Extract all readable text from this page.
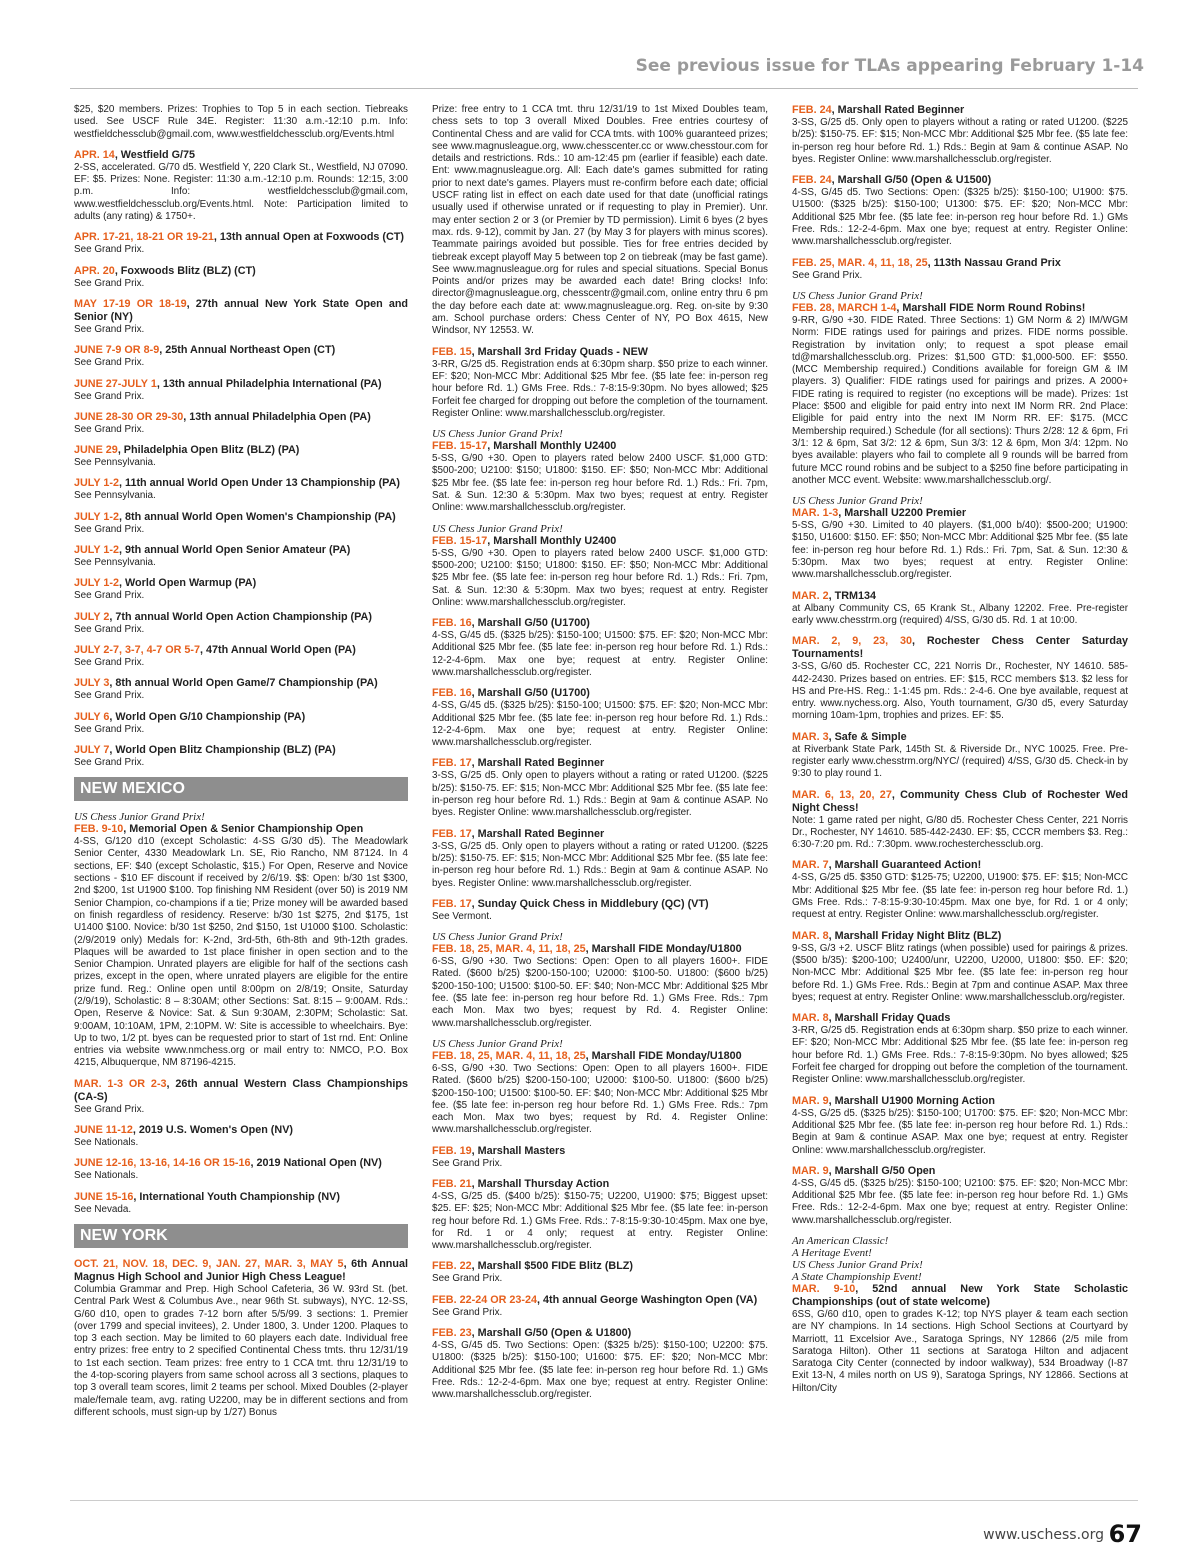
See previous issue for TLAs appearing February 1-14

$25, $20 members. Prizes: Trophies to Top 5 in each section. Tiebreaks used. See USCF Rule 34E. Register: 11:30 a.m.-12:10 p.m. Info: westfieldchessclub@gmail.com, www.westfieldchessclub.org/Events.html

APR. 14, Westfield G/75

2-SS, accelerated. G/70 d5. Westfield Y, 220 Clark St., Westfield, NJ 07090. EF: $5. Prizes: None. Register: 11:30 a.m.-12:10 p.m. Rounds: 12:15, 3:00 p.m. Info: westfieldchessclub@gmail.com, www.westfieldchessclub.org/Events.html. Note: Participation limited to adults (any rating) & 1750+.

APR. 17-21, 18-21 OR 19-21, 13th annual Open at Foxwoods (CT)

See Grand Prix.

APR. 20, Foxwoods Blitz (BLZ) (CT)

See Grand Prix.

MAY 17-19 OR 18-19, 27th annual New York State Open and Senior (NY)

See Grand Prix.

JUNE 7-9 OR 8-9, 25th Annual Northeast Open (CT)

See Grand Prix.

JUNE 27-JULY 1, 13th annual Philadelphia International (PA)

See Grand Prix.

JUNE 28-30 OR 29-30, 13th annual Philadelphia Open (PA)

See Grand Prix.

JUNE 29, Philadelphia Open Blitz (BLZ) (PA)

See Pennsylvania.

JULY 1-2, 11th annual World Open Under 13 Championship (PA)

See Pennsylvania.

JULY 1-2, 8th annual World Open Women's Championship (PA)

See Grand Prix.

JULY 1-2, 9th annual World Open Senior Amateur (PA)

See Pennsylvania.

JULY 1-2, World Open Warmup (PA)

See Grand Prix.

JULY 2, 7th annual World Open Action Championship (PA)

See Grand Prix.

JULY 2-7, 3-7, 4-7 OR 5-7, 47th Annual World Open (PA)

See Grand Prix.

JULY 3, 8th annual World Open Game/7 Championship (PA)

See Grand Prix.

JULY 6, World Open G/10 Championship (PA)

See Grand Prix.

JULY 7, World Open Blitz Championship (BLZ) (PA)

See Grand Prix.

NEW MEXICO

US Chess Junior Grand Prix!

FEB. 9-10, Memorial Open & Senior Championship Open

4-SS, G/120 d10 (except Scholastic: 4-SS G/30 d5). The Meadowlark Senior Center, 4330 Meadowlark Ln. SE, Rio Rancho, NM 87124. In 4 sections, EF: $40 (except Scholastic, $15.) For Open, Reserve and Novice sections - $10 EF discount if received by 2/6/19. $$: Open: b/30 1st $300, 2nd $200, 1st U1900 $100. Top finishing NM Resident (over 50) is 2019 NM Senior Champion, co-champions if a tie; Prize money will be awarded based on finish regardless of residency. Reserve: b/30 1st $275, 2nd $175, 1st U1400 $100. Novice: b/30 1st $250, 2nd $150, 1st U1000 $100. Scholastic: (2/9/2019 only) Medals for: K-2nd, 3rd-5th, 6th-8th and 9th-12th grades. Plaques will be awarded to 1st place finisher in open section and to the Senior Champion. Unrated players are eligible for half of the sections cash prizes, except in the open, where unrated players are eligible for the entire prize fund. Reg.: Online open until 8:00pm on 2/8/19; Onsite, Saturday (2/9/19), Scholastic: 8 – 8:30AM; other Sections: Sat. 8:15 – 9:00AM. Rds.: Open, Reserve & Novice: Sat. & Sun 9:30AM, 2:30PM; Scholastic: Sat. 9:00AM, 10:10AM, 1PM, 2:10PM. W: Site is accessible to wheelchairs. Bye: Up to two, 1/2 pt. byes can be requested prior to start of 1st rnd. Ent: Online entries via website www.nmchess.org or mail entry to: NMCO, P.O. Box 4215, Albuquerque, NM 87196-4215.

MAR. 1-3 OR 2-3, 26th annual Western Class Championships (CA-S)

See Grand Prix.

JUNE 11-12, 2019 U.S. Women's Open (NV)

See Nationals.

JUNE 12-16, 13-16, 14-16 OR 15-16, 2019 National Open (NV)

See Nationals.

JUNE 15-16, International Youth Championship (NV)

See Nevada.

NEW YORK

OCT. 21, NOV. 18, DEC. 9, JAN. 27, MAR. 3, MAY 5, 6th Annual Magnus High School and Junior High Chess League!

Columbia Grammar and Prep. High School Cafeteria, 36 W. 93rd St. (bet. Central Park West & Columbus Ave., near 96th St. subways), NYC. 12-SS, G/60 d10, open to grades 7-12 born after 5/5/99. 3 sections: 1. Premier (over 1799 and special invitees), 2. Under 1800, 3. Under 1200. Plaques to top 3 each section. May be limited to 60 players each date. Individual free entry prizes: free entry to 2 specified Continental Chess tmts. thru 12/31/19 to 1st each section. Team prizes: free entry to 1 CCA tmt. thru 12/31/19 to the 4-top-scoring players from same school across all 3 sections, plaques to top 3 overall team scores, limit 2 teams per school. Mixed Doubles (2-player male/female team, avg. rating U2200, may be in different sections and from different schools, must sign-up by 1/27) Bonus

Prize: free entry to 1 CCA tmt. thru 12/31/19 to 1st Mixed Doubles team, chess sets to top 3 overall Mixed Doubles. Free entries courtesy of Continental Chess and are valid for CCA tmts. with 100% guaranteed prizes; see www.magnusleague.org, www.chesscenter.cc or www.chesstour.com for details and restrictions. Rds.: 10 am-12:45 pm (earlier if feasible) each date. Ent: www.magnusleague.org. All: Each date's games submitted for rating prior to next date's games. Players must re-confirm before each date; official USCF rating list in effect on each date used for that date (unofficial ratings usually used if otherwise unrated or if requesting to play in Premier). Unr. may enter section 2 or 3 (or Premier by TD permission). Limit 6 byes (2 byes max. rds. 9-12), commit by Jan. 27 (by May 3 for players with minus scores). Teammate pairings avoided but possible. Ties for free entries decided by tiebreak except playoff May 5 between top 2 on tiebreak (may be fast game). See www.magnusleague.org for rules and special situations. Special Bonus Points and/or prizes may be awarded each date! Bring clocks! Info: director@magnusleague.org, chesscentr@gmail.com, online entry thru 6 pm the day before each date at: www.magnusleague.org. Reg. on-site by 9:30 am. School purchase orders: Chess Center of NY, PO Box 4615, New Windsor, NY 12553. W.

FEB. 15, Marshall 3rd Friday Quads - NEW

3-RR, G/25 d5. Registration ends at 6:30pm sharp. $50 prize to each winner. EF: $20; Non-MCC Mbr: Additional $25 Mbr fee. ($5 late fee: in-person reg hour before Rd. 1.) GMs Free. Rds.: 7-8:15-9:30pm. No byes allowed; $25 Forfeit fee charged for dropping out before the completion of the tournament. Register Online: www.marshallchessclub.org/register.

US Chess Junior Grand Prix!

FEB. 15-17, Marshall Monthly U2400

5-SS, G/90 +30. Open to players rated below 2400 USCF. $1,000 GTD: $500-200; U2100: $150; U1800: $150. EF: $50; Non-MCC Mbr: Additional $25 Mbr fee. ($5 late fee: in-person reg hour before Rd. 1.) Rds.: Fri. 7pm, Sat. & Sun. 12:30 & 5:30pm. Max two byes; request at entry. Register Online: www.marshallchessclub.org/register.

US Chess Junior Grand Prix!

FEB. 15-17, Marshall Monthly U2400

5-SS, G/90 +30. Open to players rated below 2400 USCF. $1,000 GTD: $500-200; U2100: $150; U1800: $150. EF: $50; Non-MCC Mbr: Additional $25 Mbr fee. ($5 late fee: in-person reg hour before Rd. 1.) Rds.: Fri. 7pm, Sat. & Sun. 12:30 & 5:30pm. Max two byes; request at entry. Register Online: www.marshallchessclub.org/register.

FEB. 16, Marshall G/50 (U1700)

4-SS, G/45 d5. ($325 b/25): $150-100; U1500: $75. EF: $20; Non-MCC Mbr: Additional $25 Mbr fee. ($5 late fee: in-person reg hour before Rd. 1.) Rds.: 12-2-4-6pm. Max one bye; request at entry. Register Online: www.marshallchessclub.org/register.

FEB. 16, Marshall G/50 (U1700)

4-SS, G/45 d5. ($325 b/25): $150-100; U1500: $75. EF: $20; Non-MCC Mbr: Additional $25 Mbr fee. ($5 late fee: in-person reg hour before Rd. 1.) Rds.: 12-2-4-6pm. Max one bye; request at entry. Register Online: www.marshallchessclub.org/register.

FEB. 17, Marshall Rated Beginner

3-SS, G/25 d5. Only open to players without a rating or rated U1200. ($225 b/25): $150-75. EF: $15; Non-MCC Mbr: Additional $25 Mbr fee. ($5 late fee: in-person reg hour before Rd. 1.) Rds.: Begin at 9am & continue ASAP. No byes. Register Online: www.marshallchessclub.org/register.

FEB. 17, Marshall Rated Beginner

3-SS, G/25 d5. Only open to players without a rating or rated U1200. ($225 b/25): $150-75. EF: $15; Non-MCC Mbr: Additional $25 Mbr fee. ($5 late fee: in-person reg hour before Rd. 1.) Rds.: Begin at 9am & continue ASAP. No byes. Register Online: www.marshallchessclub.org/register.

FEB. 17, Sunday Quick Chess in Middlebury (QC) (VT)

See Vermont.

US Chess Junior Grand Prix!

FEB. 18, 25, MAR. 4, 11, 18, 25, Marshall FIDE Monday/U1800

6-SS, G/90 +30. Two Sections: Open: Open to all players 1600+. FIDE Rated. ($600 b/25) $200-150-100; U2000: $100-50. U1800: ($600 b/25) $200-150-100; U1500: $100-50. EF: $40; Non-MCC Mbr: Additional $25 Mbr fee. ($5 late fee: in-person reg hour before Rd. 1.) GMs Free. Rds.: 7pm each Mon. Max two byes; request by Rd. 4. Register Online: www.marshallchessclub.org/register.

US Chess Junior Grand Prix!

FEB. 18, 25, MAR. 4, 11, 18, 25, Marshall FIDE Monday/U1800

6-SS, G/90 +30. Two Sections: Open: Open to all players 1600+. FIDE Rated. ($600 b/25) $200-150-100; U2000: $100-50. U1800: ($600 b/25) $200-150-100; U1500: $100-50. EF: $40; Non-MCC Mbr: Additional $25 Mbr fee. ($5 late fee: in-person reg hour before Rd. 1.) GMs Free. Rds.: 7pm each Mon. Max two byes; request by Rd. 4. Register Online: www.marshallchessclub.org/register.

FEB. 19, Marshall Masters

See Grand Prix.

FEB. 21, Marshall Thursday Action

4-SS, G/25 d5. ($400 b/25): $150-75; U2200, U1900: $75; Biggest upset: $25. EF: $25; Non-MCC Mbr: Additional $25 Mbr fee. ($5 late fee: in-person reg hour before Rd. 1.) GMs Free. Rds.: 7-8:15-9:30-10:45pm. Max one bye, for Rd. 1 or 4 only; request at entry. Register Online: www.marshallchessclub.org/register.

FEB. 22, Marshall $500 FIDE Blitz (BLZ)

See Grand Prix.

FEB. 22-24 OR 23-24, 4th annual George Washington Open (VA)

See Grand Prix.

FEB. 23, Marshall G/50 (Open & U1800)

4-SS, G/45 d5. Two Sections: Open: ($325 b/25): $150-100; U2200: $75. U1800: ($325 b/25): $150-100; U1600: $75. EF: $20; Non-MCC Mbr: Additional $25 Mbr fee. ($5 late fee: in-person reg hour before Rd. 1.) GMs Free. Rds.: 12-2-4-6pm. Max one bye; request at entry. Register Online: www.marshallchessclub.org/register.

FEB. 24, Marshall Rated Beginner

3-SS, G/25 d5. Only open to players without a rating or rated U1200. ($225 b/25): $150-75. EF: $15; Non-MCC Mbr: Additional $25 Mbr fee. ($5 late fee: in-person reg hour before Rd. 1.) Rds.: Begin at 9am & continue ASAP. No byes. Register Online: www.marshallchessclub.org/register.

FEB. 24, Marshall G/50 (Open & U1500)

4-SS, G/45 d5. Two Sections: Open: ($325 b/25): $150-100; U1900: $75. U1500: ($325 b/25): $150-100; U1300: $75. EF: $20; Non-MCC Mbr: Additional $25 Mbr fee. ($5 late fee: in-person reg hour before Rd. 1.) GMs Free. Rds.: 12-2-4-6pm. Max one bye; request at entry. Register Online: www.marshallchessclub.org/register.

FEB. 25, MAR. 4, 11, 18, 25, 113th Nassau Grand Prix

See Grand Prix.

US Chess Junior Grand Prix!

FEB. 28, MARCH 1-4, Marshall FIDE Norm Round Robins!

9-RR, G/90 +30. FIDE Rated. Three Sections: 1) GM Norm & 2) IM/WGM Norm: FIDE ratings used for pairings and prizes. FIDE norms possible. Registration by invitation only; to request a spot please email td@marshallchessclub.org. Prizes: $1,500 GTD: $1,000-500. EF: $550. (MCC Membership required.) Conditions available for foreign GM & IM players. 3) Qualifier: FIDE ratings used for pairings and prizes. A 2000+ FIDE rating is required to register (no exceptions will be made). Prizes: 1st Place: $500 and eligible for paid entry into next IM Norm RR. 2nd Place: Eligible for paid entry into the next IM Norm RR. EF: $175. (MCC Membership required.) Schedule (for all sections): Thurs 2/28: 12 & 6pm, Fri 3/1: 12 & 6pm, Sat 3/2: 12 & 6pm, Sun 3/3: 12 & 6pm, Mon 3/4: 12pm. No byes available: players who fail to complete all 9 rounds will be barred from future MCC round robins and be subject to a $250 fine before participating in another MCC event. Website: www.marshallchessclub.org/.

US Chess Junior Grand Prix!

MAR. 1-3, Marshall U2200 Premier

5-SS, G/90 +30. Limited to 40 players. ($1,000 b/40): $500-200; U1900: $150, U1600: $150. EF: $50; Non-MCC Mbr: Additional $25 Mbr fee. ($5 late fee: in-person reg hour before Rd. 1.) Rds.: Fri. 7pm, Sat. & Sun. 12:30 & 5:30pm. Max two byes; request at entry. Register Online: www.marshallchessclub.org/register.

MAR. 2, TRM134

at Albany Community CS, 65 Krank St., Albany 12202. Free. Pre-register early www.chesstrm.org (required) 4/SS, G/30 d5. Rd. 1 at 10:00.

MAR. 2, 9, 23, 30, Rochester Chess Center Saturday Tournaments!

3-SS, G/60 d5. Rochester CC, 221 Norris Dr., Rochester, NY 14610. 585-442-2430. Prizes based on entries. EF: $15, RCC members $13. $2 less for HS and Pre-HS. Reg.: 1-1:45 pm. Rds.: 2-4-6. One bye available, request at entry. www.nychess.org. Also, Youth tournament, G/30 d5, every Saturday morning 10am-1pm, trophies and prizes. EF: $5.

MAR. 3, Safe & Simple

at Riverbank State Park, 145th St. & Riverside Dr., NYC 10025. Free. Pre-register early www.chesstrm.org/NYC/ (required) 4/SS, G/30 d5. Check-in by 9:30 to play round 1.

MAR. 6, 13, 20, 27, Community Chess Club of Rochester Wed Night Chess!

Note: 1 game rated per night, G/80 d5. Rochester Chess Center, 221 Norris Dr., Rochester, NY 14610. 585-442-2430. EF: $5, CCCR members $3. Reg.: 6:30-7:20 pm. Rd.: 7:30pm. www.rochesterchessclub.org.

MAR. 7, Marshall Guaranteed Action!

4-SS, G/25 d5. $350 GTD: $125-75; U2200, U1900: $75. EF: $15; Non-MCC Mbr: Additional $25 Mbr fee. ($5 late fee: in-person reg hour before Rd. 1.) GMs Free. Rds.: 7-8:15-9:30-10:45pm. Max one bye, for Rd. 1 or 4 only; request at entry. Register Online: www.marshallchessclub.org/register.

MAR. 8, Marshall Friday Night Blitz (BLZ)

9-SS, G/3 +2. USCF Blitz ratings (when possible) used for pairings & prizes. ($500 b/35): $200-100; U2400/unr, U2200, U2000, U1800: $50. EF: $20; Non-MCC Mbr: Additional $25 Mbr fee. ($5 late fee: in-person reg hour before Rd. 1.) GMs Free. Rds.: Begin at 7pm and continue ASAP. Max three byes; request at entry. Register Online: www.marshallchessclub.org/register.

MAR. 8, Marshall Friday Quads

3-RR, G/25 d5. Registration ends at 6:30pm sharp. $50 prize to each winner. EF: $20; Non-MCC Mbr: Additional $25 Mbr fee. ($5 late fee: in-person reg hour before Rd. 1.) GMs Free. Rds.: 7-8:15-9:30pm. No byes allowed; $25 Forfeit fee charged for dropping out before the completion of the tournament. Register Online: www.marshallchessclub.org/register.

MAR. 9, Marshall U1900 Morning Action

4-SS, G/25 d5. ($325 b/25): $150-100; U1700: $75. EF: $20; Non-MCC Mbr: Additional $25 Mbr fee. ($5 late fee: in-person reg hour before Rd. 1.) Rds.: Begin at 9am & continue ASAP. Max one bye; request at entry. Register Online: www.marshallchessclub.org/register.

MAR. 9, Marshall G/50 Open

4-SS, G/45 d5. ($325 b/25): $150-100; U2100: $75. EF: $20; Non-MCC Mbr: Additional $25 Mbr fee. ($5 late fee: in-person reg hour before Rd. 1.) GMs Free. Rds.: 12-2-4-6pm. Max one bye; request at entry. Register Online: www.marshallchessclub.org/register.

An American Classic!

A Heritage Event!

US Chess Junior Grand Prix!

A State Championship Event!

MAR. 9-10, 52nd annual New York State Scholastic Championships (out of state welcome)

6SS, G/60 d10, open to grades K-12; top NYS player & team each section are NY champions. In 14 sections. High School Sections at Courtyard by Marriott, 11 Excelsior Ave., Saratoga Springs, NY 12866 (2/5 mile from Saratoga Hilton). Other 11 sections at Saratoga Hilton and adjacent Saratoga City Center (connected by indoor walkway), 534 Broadway (I-87 Exit 13-N, 4 miles north on US 9), Saratoga Springs, NY 12866. Sections at Hilton/City

www.uschess.org 67
